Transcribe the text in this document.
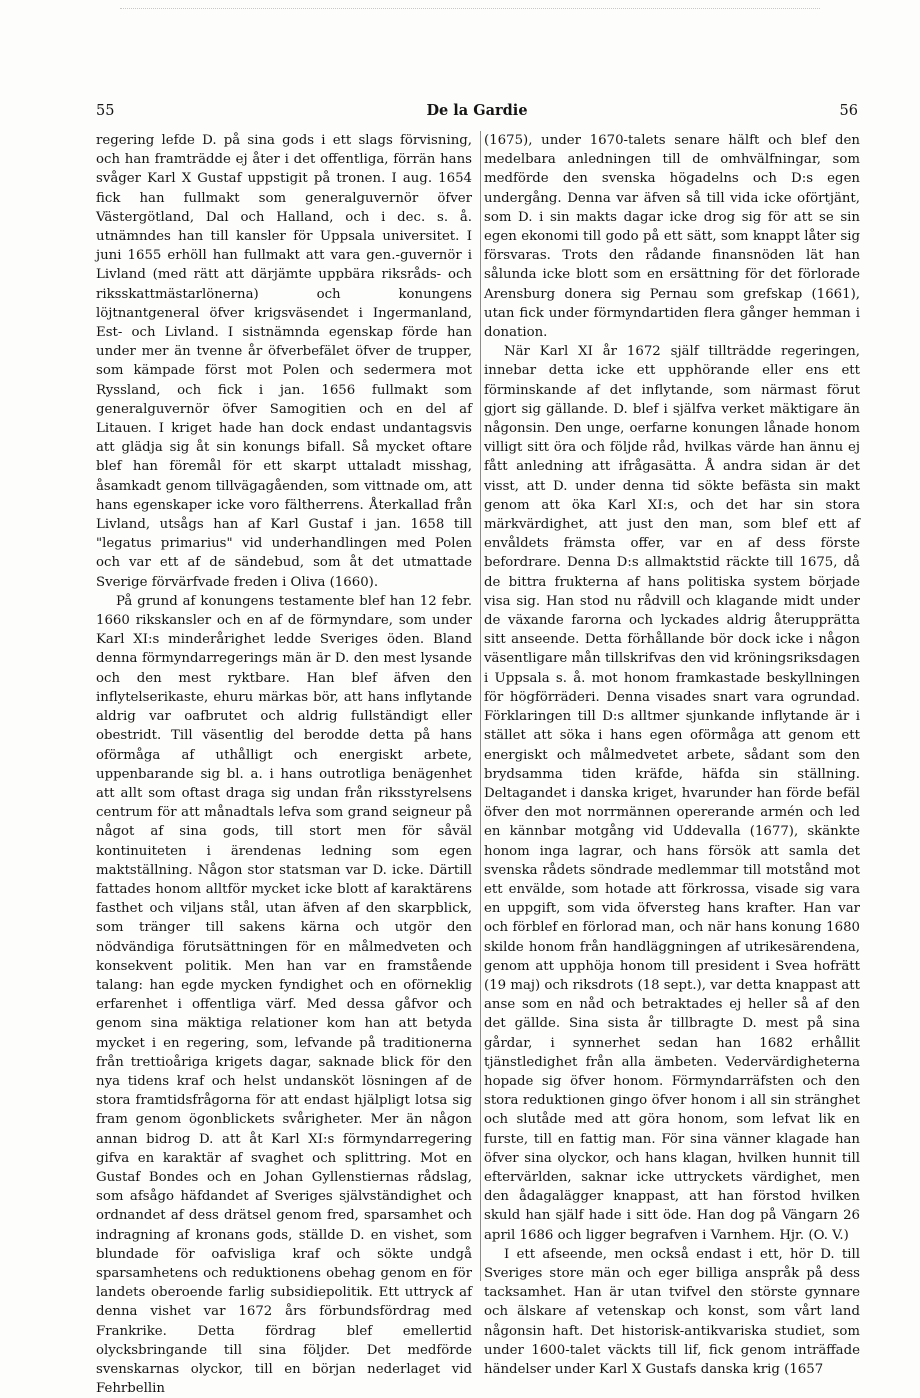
55	De la Gardie	56

regering lefde D. på sina gods i ett slags förvisning, och han framträdde ej åter i det offentliga, förrän hans svåger Karl X Gustaf uppstigit på tronen. I aug. 1654 fick han fullmakt som generalguvernör öfver Västergötland, Dal och Halland, och i dec. s. å. utnämndes han till kansler för Uppsala universitet. I juni 1655 erhöll han fullmakt att vara gen.-guvernör i Livland (med rätt att därjämte uppbära riksråds- och riksskattmästarlönerna) och konungens löjtnantgeneral öfver krigsväsendet i Ingermanland, Est- och Livland. I sistnämnda egenskap förde han under mer än tvenne år öfverbefälet öfver de trupper, som kämpade först mot Polen och sedermera mot Ryssland, och fick i jan. 1656 fullmakt som generalguvernör öfver Samogitien och en del af Litauen. I kriget hade han dock endast undantagsvis att glädja sig åt sin konungs bifall. Så mycket oftare blef han föremål för ett skarpt uttaladt misshag, åsamkadt genom tillvägagåenden, som vittnade om, att hans egenskaper icke voro fältherrens. Återkallad från Livland, utsågs han af Karl Gustaf i jan. 1658 till "legatus primarius" vid underhandlingen med Polen och var ett af de sändebud, som åt det utmattade Sverige förvärfvade freden i Oliva (1660).

På grund af konungens testamente blef han 12 febr. 1660 rikskansler och en af de förmyndare, som under Karl XI:s minderårighet ledde Sveriges öden. Bland denna förmyndarregerings män är D. den mest lysande och den mest ryktbare. Han blef äfven den inflytelserikaste, ehuru märkas bör, att hans inflytande aldrig var oafbrutet och aldrig fullständigt eller obestridt. Till väsentlig del berodde detta på hans oförmåga af uthålligt och energiskt arbete, uppenbarande sig bl. a. i hans outrotliga benägenhet att allt som oftast draga sig undan från riksstyrelsens centrum för att månadtals lefva som grand seigneur på något af sina gods, till stort men för såväl kontinuiteten i ärendenas ledning som egen maktställning. Någon stor statsman var D. icke. Därtill fattades honom alltför mycket icke blott af karaktärens fasthet och viljans stål, utan äfven af den skarpblick, som tränger till sakens kärna och utgör den nödvändiga förutsättningen för en målmedveten och konsekvent politik. Men han var en framstående talang: han egde mycken fyndighet och en oförneklig erfarenhet i offentliga värf. Med dessa gåfvor och genom sina mäktiga relationer kom han att betyda mycket i en regering, som, lefvande på traditionerna från trettioåriga krigets dagar, saknade blick för den nya tidens kraf och helst undansköt lösningen af de stora framtidsfrågorna för att endast hjälpligt lotsa sig fram genom ögonblickets svårigheter. Mer än någon annan bidrog D. att åt Karl XI:s förmyndarregering gifva en karaktär af svaghet och splittring. Mot en Gustaf Bondes och en Johan Gyllenstiernas rådslag, som afsågo häfdandet af Sveriges självständighet och ordnandet af dess drätsel genom fred, sparsamhet och indragning af kronans gods, ställde D. en vishet, som blundade för oafvisliga kraf och sökte undgå sparsamhetens och reduktionens obehag genom en för landets oberoende farlig subsidiepolitik. Ett uttryck af denna vishet var 1672 års förbundsfördrag med Frankrike. Detta fördrag blef emellertid olycksbringande till sina följder. Det medförde svenskarnas olyckor, till en början nederlaget vid Fehrbellin

(1675), under 1670-talets senare hälft och blef den medelbara anledningen till de omhvälfningar, som medförde den svenska högadelns och D:s egen undergång. Denna var äfven så till vida icke oförtjänt, som D. i sin makts dagar icke drog sig för att se sin egen ekonomi till godo på ett sätt, som knappt låter sig försvaras. Trots den rådande finansnöden lät han sålunda icke blott som en ersättning för det förlorade Arensburg donera sig Pernau som grefskap (1661), utan fick under förmyndartiden flera gånger hemman i donation.

När Karl XI år 1672 själf tillträdde regeringen, innebar detta icke ett upphörande eller ens ett förminskande af det inflytande, som närmast förut gjort sig gällande. D. blef i själfva verket mäktigare än någonsin. Den unge, oerfarne konungen lånade honom villigt sitt öra och följde råd, hvilkas värde han ännu ej fått anledning att ifrågasätta. Å andra sidan är det visst, att D. under denna tid sökte befästa sin makt genom att öka Karl XI:s, och det har sin stora märkvärdighet, att just den man, som blef ett af envåldets främsta offer, var en af dess förste befordrare. Denna D:s allmaktstid räckte till 1675, då de bittra frukterna af hans politiska system började visa sig. Han stod nu rådvill och klagande midt under de växande farorna och lyckades aldrig återupprätta sitt anseende. Detta förhållande bör dock icke i någon väsentligare mån tillskrifvas den vid kröningsriksdagen i Uppsala s. å. mot honom framkastade beskyllningen för högförräderi. Denna visades snart vara ogrundad. Förklaringen till D:s alltmer sjunkande inflytande är i stället att söka i hans egen oförmåga att genom ett energiskt och målmedvetet arbete, sådant som den brydsamma tiden kräfde, häfda sin ställning. Deltagandet i danska kriget, hvarunder han förde befäl öfver den mot norrmännen opererande armén och led en kännbar motgång vid Uddevalla (1677), skänkte honom inga lagrar, och hans försök att samla det svenska rådets söndrade medlemmar till motstånd mot ett envälde, som hotade att förkrossa, visade sig vara en uppgift, som vida öfversteg hans krafter. Han var och förblef en förlorad man, och när hans konung 1680 skilde honom från handläggningen af utrikesärendena, genom att upphöja honom till president i Svea hofrätt (19 maj) och riksdrots (18 sept.), var detta knappast att anse som en nåd och betraktades ej heller så af den det gällde. Sina sista år tillbragte D. mest på sina gårdar, i synnerhet sedan han 1682 erhållit tjänstledighet från alla ämbeten. Vedervärdigheterna hopade sig öfver honom. Förmyndarräfsten och den stora reduktionen gingo öfver honom i all sin stränghet och slutåde med att göra honom, som lefvat lik en furste, till en fattig man. För sina vänner klagade han öfver sina olyckor, och hans klagan, hvilken hunnit till eftervärlden, saknar icke uttryckets värdighet, men den ådagalägger knappast, att han förstod hvilken skuld han själf hade i sitt öde. Han dog på Vängarn 26 april 1686 och ligger begrafven i Varnhem. Hjr. (O. V.)

I ett afseende, men också endast i ett, hör D. till Sveriges store män och eger billiga anspråk på dess tacksamhet. Han är utan tvifvel den störste gynnare och älskare af vetenskap och konst, som vårt land någonsin haft. Det historisk-antikvariska studiet, som under 1600-talet väckts till lif, fick genom inträffade händelser under Karl X Gustafs danska krig (1657
